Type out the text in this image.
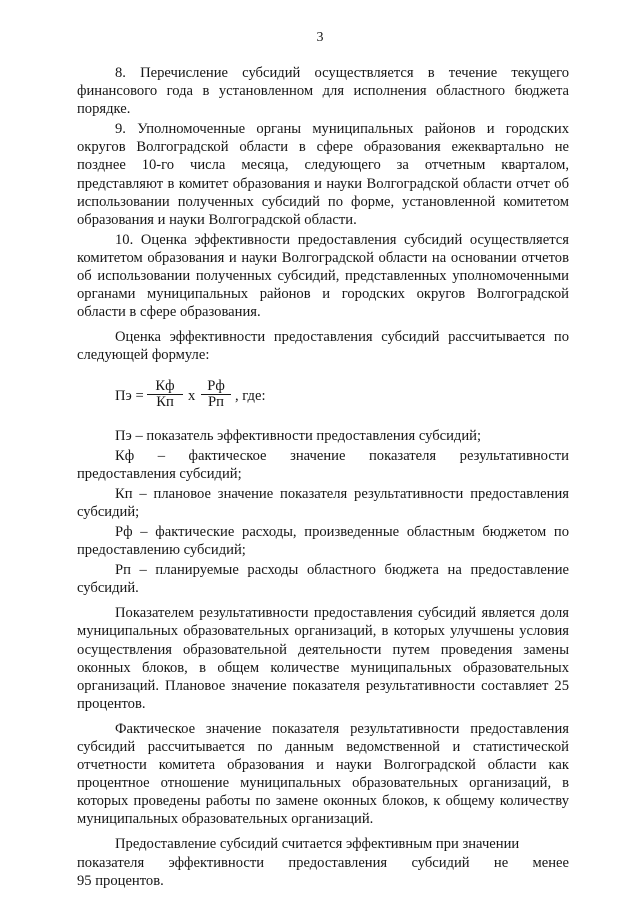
3

8. Перечисление субсидий осуществляется в течение текущего финансового года в установленном для исполнения областного бюджета порядке.

9. Уполномоченные органы муниципальных районов и городских округов Волгоградской области в сфере образования ежеквартально не позднее 10-го числа месяца, следующего за отчетным кварталом, представляют в комитет образования и науки Волгоградской области отчет об использовании полученных субсидий по форме, установленной комитетом образования и науки Волгоградской области.

10. Оценка эффективности предоставления субсидий осуществляется комитетом образования и науки Волгоградской области на основании отчетов об использовании полученных субсидий, представленных уполномоченными органами муниципальных районов и городских округов Волгоградской области в сфере образования.

Оценка эффективности предоставления субсидий рассчитывается по следующей формуле:

Пэ =
Кф
Кп х
Рф
Рп , где:

Пэ – показатель эффективности предоставления субсидий;

Кф – фактическое значение показателя результативности предоставления субсидий;

Кп – плановое значение показателя результативности предоставления субсидий;

Рф – фактические расходы, произведенные областным бюджетом по предоставлению субсидий;

Рп – планируемые расходы областного бюджета на предоставление субсидий.

Показателем результативности предоставления субсидий является доля муниципальных образовательных организаций, в которых улучшены условия осуществления образовательной деятельности путем проведения замены оконных блоков, в общем количестве муниципальных образовательных организаций. Плановое значение показателя результативности составляет 25 процентов.

Фактическое значение показателя результативности предоставления субсидий рассчитывается по данным ведомственной и статистической отчетности комитета образования и науки Волгоградской области как процентное отношение муниципальных образовательных организаций, в которых проведены работы по замене оконных блоков, к общему количеству муниципальных образовательных организаций.

Предоставление субсидий считается эффективным при значении

показателя эффективности предоставления субсидий не менее

95 процентов.
